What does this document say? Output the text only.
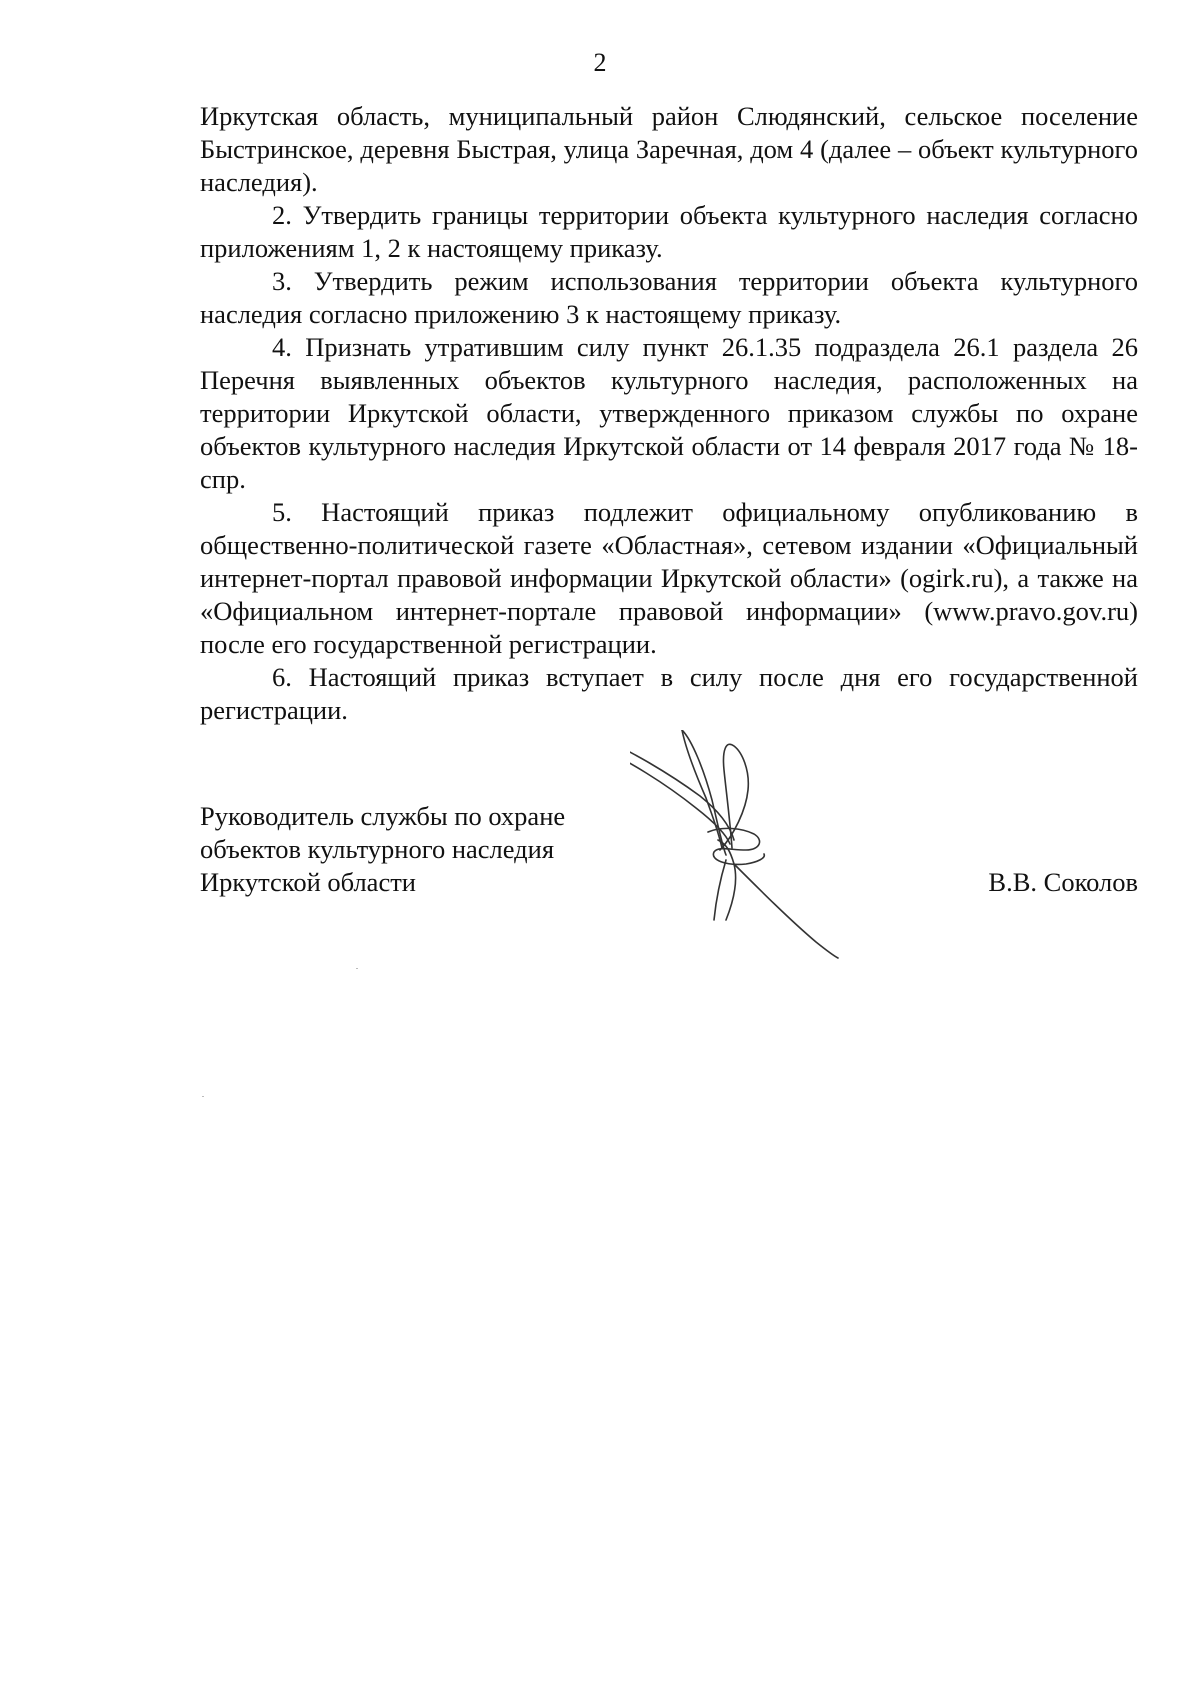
2

Иркутская область, муниципальный район Слюдянский, сельское поселение Быстринское, деревня Быстрая, улица Заречная, дом 4 (далее – объект культурного наследия).

2. Утвердить границы территории объекта культурного наследия согласно приложениям 1, 2 к настоящему приказу.

3. Утвердить режим использования территории объекта культурного наследия согласно приложению 3 к настоящему приказу.

4. Признать утратившим силу пункт 26.1.35 подраздела 26.1 раздела 26 Перечня выявленных объектов культурного наследия, расположенных на территории Иркутской области, утвержденного приказом службы по охране объектов культурного наследия Иркутской области от 14 февраля 2017 года № 18-спр.

5. Настоящий приказ подлежит официальному опубликованию в общественно-политической газете «Областная», сетевом издании «Официальный интернет-портал правовой информации Иркутской области» (ogirk.ru), а также на «Официальном интернет-портале правовой информации» (www.pravo.gov.ru) после его государственной регистрации.

6. Настоящий приказ вступает в силу после дня его государственной регистрации.

Руководитель службы по охране
объектов культурного наследия
Иркутской области	В.В. Соколов
